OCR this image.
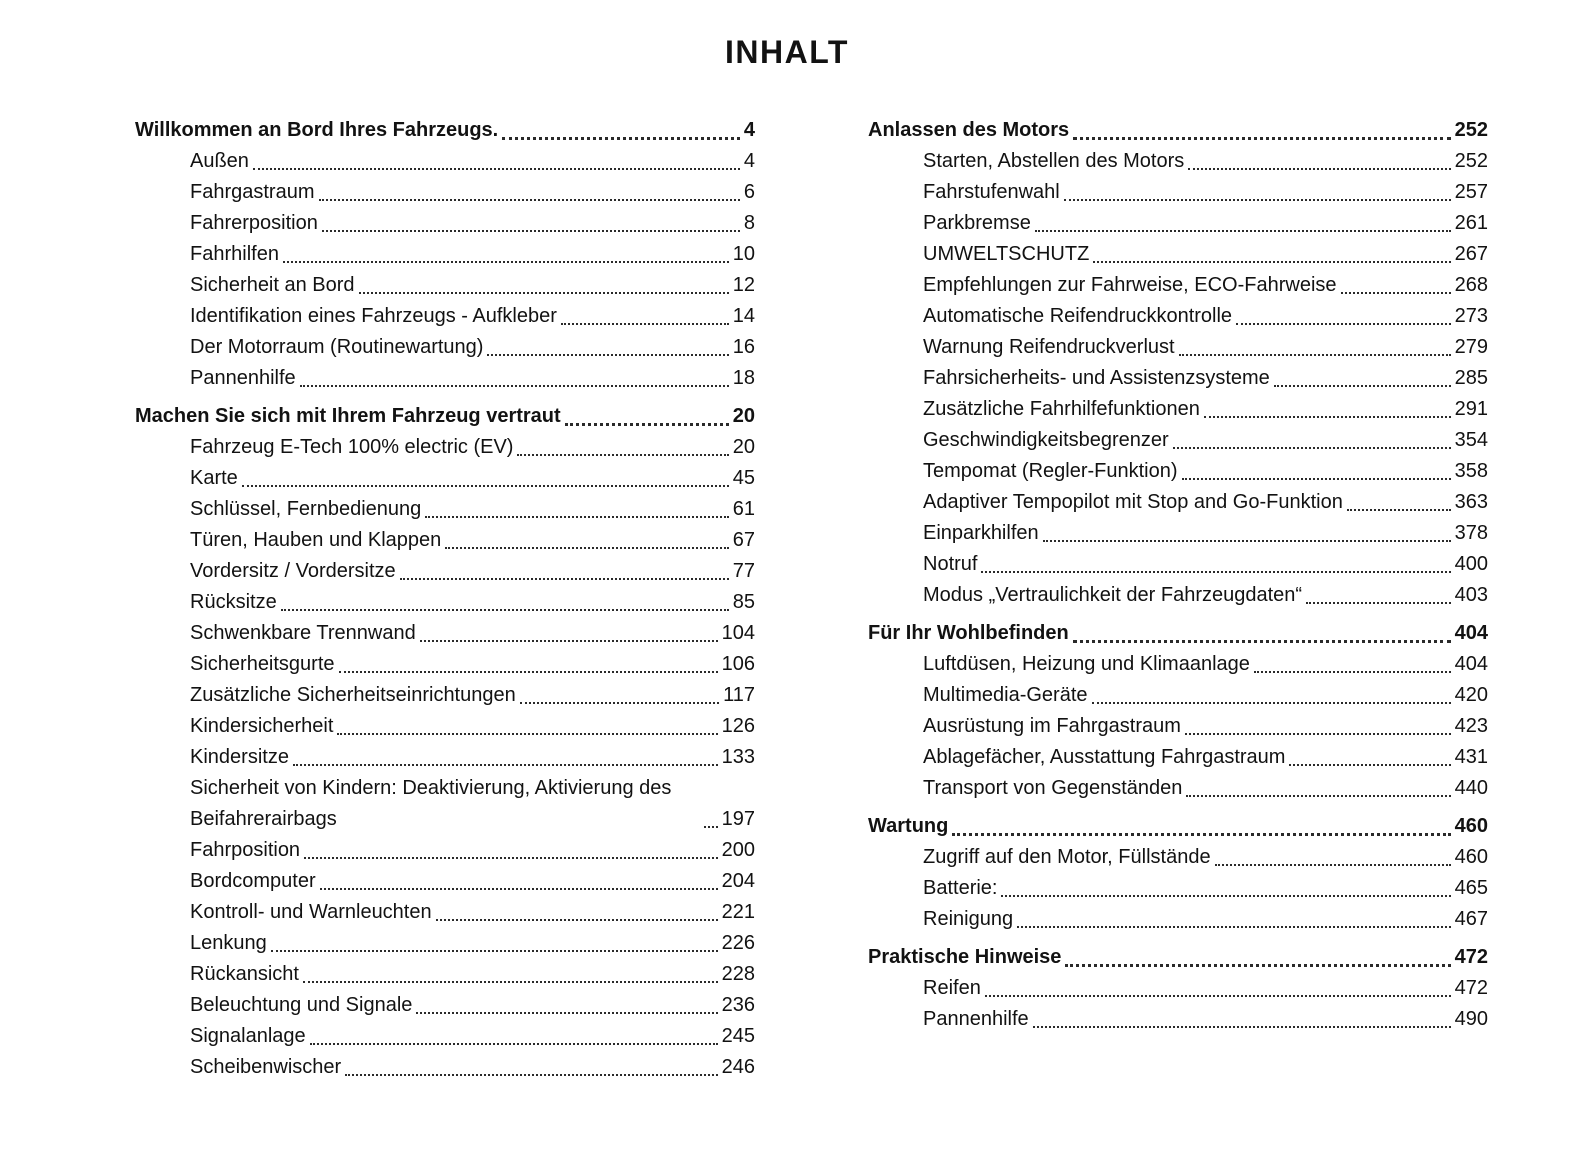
INHALT
Willkommen an Bord Ihres Fahrzeugs.	4
Außen	4
Fahrgastraum	6
Fahrerposition	8
Fahrhilfen	10
Sicherheit an Bord	12
Identifikation eines Fahrzeugs - Aufkleber	14
Der Motorraum (Routinewartung)	16
Pannenhilfe	18
Machen Sie sich mit Ihrem Fahrzeug vertraut	20
Fahrzeug E-Tech 100% electric (EV)	20
Karte	45
Schlüssel, Fernbedienung	61
Türen, Hauben und Klappen	67
Vordersitz / Vordersitze	77
Rücksitze	85
Schwenkbare Trennwand	104
Sicherheitsgurte	106
Zusätzliche Sicherheitseinrichtungen	117
Kindersicherheit	126
Kindersitze	133
Sicherheit von Kindern: Deaktivierung, Aktivierung des Beifahrerairbags	197
Fahrposition	200
Bordcomputer	204
Kontroll- und Warnleuchten	221
Lenkung	226
Rückansicht	228
Beleuchtung und Signale	236
Signalanlage	245
Scheibenwischer	246
Anlassen des Motors	252
Starten, Abstellen des Motors	252
Fahrstufenwahl	257
Parkbremse	261
UMWELTSCHUTZ	267
Empfehlungen zur Fahrweise, ECO-Fahrweise	268
Automatische Reifendruckkontrolle	273
Warnung Reifendruckverlust	279
Fahrsicherheits- und Assistenzsysteme	285
Zusätzliche Fahrhilfefunktionen	291
Geschwindigkeitsbegrenzer	354
Tempomat (Regler-Funktion)	358
Adaptiver Tempopilot mit Stop and Go-Funktion	363
Einparkhilfen	378
Notruf	400
Modus „Vertraulichkeit der Fahrzeugdaten“	403
Für Ihr Wohlbefinden	404
Luftdüsen, Heizung und Klimaanlage	404
Multimedia-Geräte	420
Ausrüstung im Fahrgastraum	423
Ablagefächer, Ausstattung Fahrgastraum	431
Transport von Gegenständen	440
Wartung	460
Zugriff auf den Motor, Füllstände	460
Batterie:	465
Reinigung	467
Praktische Hinweise	472
Reifen	472
Pannenhilfe	490
